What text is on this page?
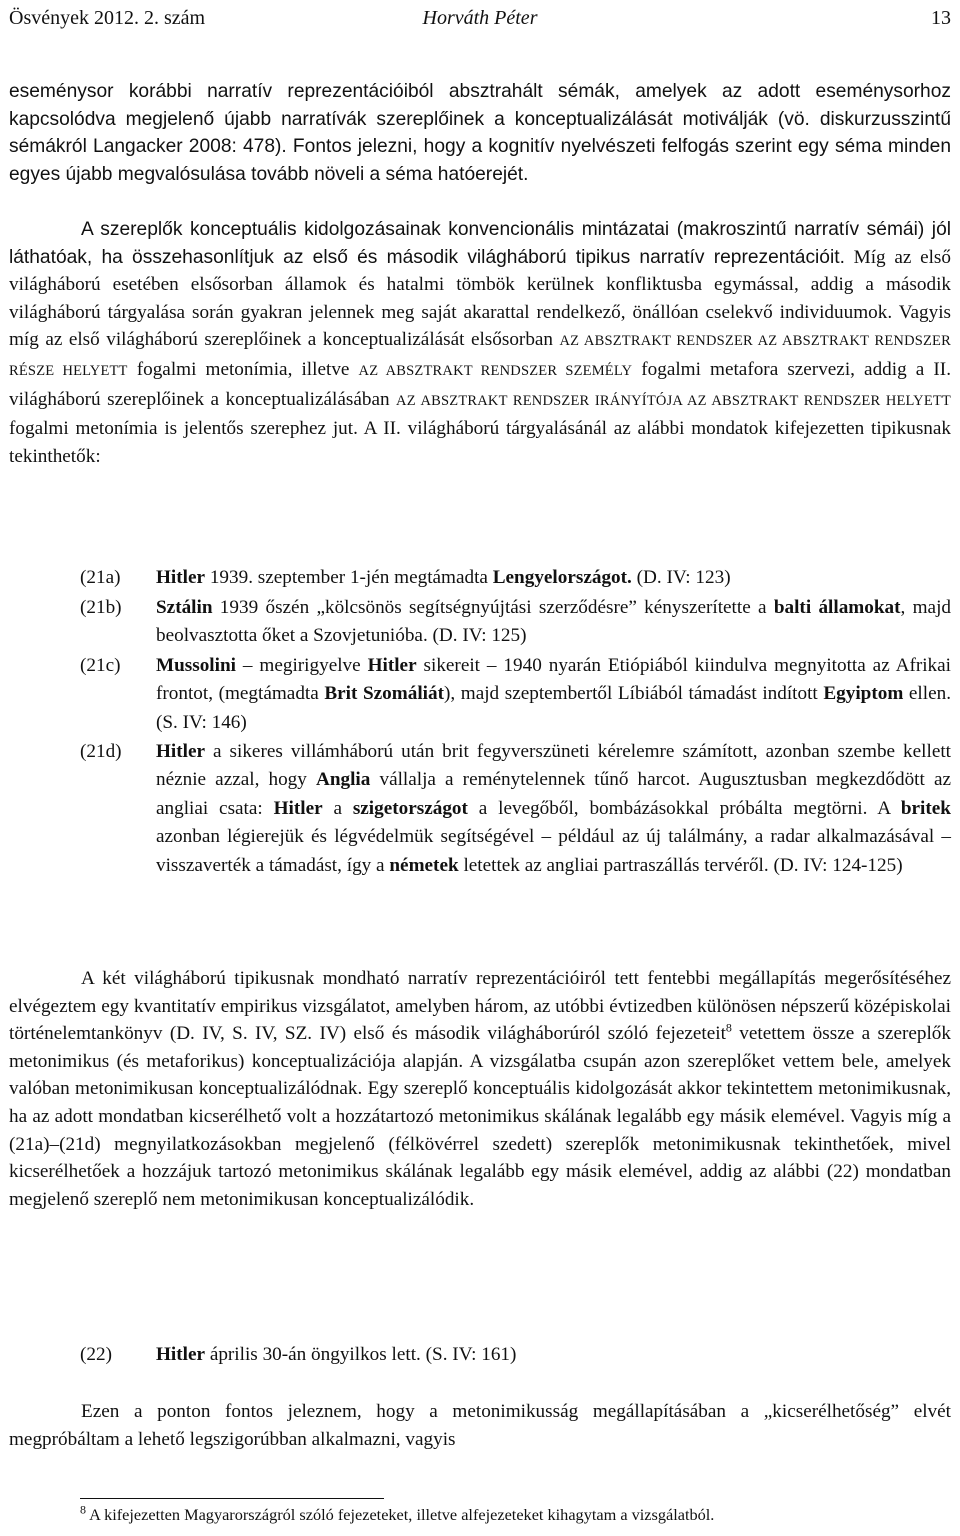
Ösvények 2012. 2. szám	Horváth Péter	13

eseménysor korábbi narratív reprezentációiból absztrahált sémák, amelyek az adott eseménysorhoz kapcsolódva megjelenő újabb narratívák szereplőinek a konceptualizálását motiválják (vö. diskurzusszintű sémákról Langacker 2008: 478). Fontos jelezni, hogy a kognitív nyelvészeti felfogás szerint egy séma minden egyes újabb megvalósulása tovább növeli a séma hatóerejét.

A szereplők konceptuális kidolgozásainak konvencionális mintázatai (makroszintű narratív sémái) jól láthatóak, ha összehasonlítjuk az első és második világháború tipikus narratív reprezentációit. Míg az első világháború esetében elsősorban államok és hatalmi tömbök kerülnek konfliktusba egymással, addig a második világháború tárgyalása során gyakran jelennek meg saját akarattal rendelkező, önállóan cselekvő individuumok. Vagyis míg az első világháború szereplőinek a konceptualizálását elsősorban AZ ABSZTRAKT RENDSZER AZ ABSZTRAKT RENDSZER RÉSZE HELYETT fogalmi metonímia, illetve AZ ABSZTRAKT RENDSZER SZEMÉLY fogalmi metafora szervezi, addig a II. világháború szereplőinek a konceptualizálásában AZ ABSZTRAKT RENDSZER IRÁNYÍTÓJA AZ ABSZTRAKT RENDSZER HELYETT fogalmi metonímia is jelentős szerephez jut. A II. világháború tárgyalásánál az alábbi mondatok kifejezetten tipikusnak tekinthetők:

(21a)	Hitler 1939. szeptember 1-jén megtámadta Lengyelországot. (D. IV: 123)
(21b)	Sztálin 1939 őszén „kölcsönös segítségnyújtási szerződésre” kényszerítette a balti államokat, majd beolvasztotta őket a Szovjetunióba. (D. IV: 125)
(21c)	Mussolini – megirigyelve Hitler sikereit – 1940 nyarán Etiópiából kiindulva megnyitotta az Afrikai frontot, (megtámadta Brit Szomáliát), majd szeptembertől Líbiából támadást indított Egyiptom ellen. (S. IV: 146)
(21d)	Hitler a sikeres villámháború után brit fegyverszüneti kérelemre számított, azonban szembe kellett néznie azzal, hogy Anglia vállalja a reménytelennek tűnő harcot. Augusztusban megkezdődött az angliai csata: Hitler a szigetországot a levegőből, bombázásokkal próbálta megtörni. A britek azonban légierejük és légvédelmük segítségével – például az új találmány, a radar alkalmazásával – visszaverték a támadást, így a németek letettek az angliai partraszállás tervéről. (D. IV: 124-125)

A két világháború tipikusnak mondható narratív reprezentációiról tett fentebbi megállapítás megerősítéséhez elvégeztem egy kvantitatív empirikus vizsgálatot, amelyben három, az utóbbi évtizedben különösen népszerű középiskolai történelemtankönyv (D. IV, S. IV, SZ. IV) első és második világháborúról szóló fejezeteit$^8$ vetettem össze a szereplők metonimikus (és metaforikus) konceptualizációja alapján. A vizsgálatba csupán azon szereplőket vettem bele, amelyek valóban metonimikusan konceptualizálódnak. Egy szereplő konceptuális kidolgozását akkor tekintettem metonimikusnak, ha az adott mondatban kicserélhető volt a hozzátartozó metonimikus skálának legalább egy másik elemével. Vagyis míg a (21a)–(21d) megnyilatkozásokban megjelenő (félkövérrel szedett) szereplők metonimikusnak tekinthetőek, mivel kicserélhetőek a hozzájuk tartozó metonimikus skálának legalább egy másik elemével, addig az alábbi (22) mondatban megjelenő szereplő nem metonimikusan konceptualizálódik.

(22)	Hitler április 30-án öngyilkos lett. (S. IV: 161)

Ezen a ponton fontos jeleznem, hogy a metonimikusság megállapításában a „kicserélhetőség” elvét megpróbáltam a lehető legszigorúbban alkalmazni, vagyis

$^8$ A kifejezetten Magyarországról szóló fejezeteket, illetve alfejezeteket kihagytam a vizsgálatból.
